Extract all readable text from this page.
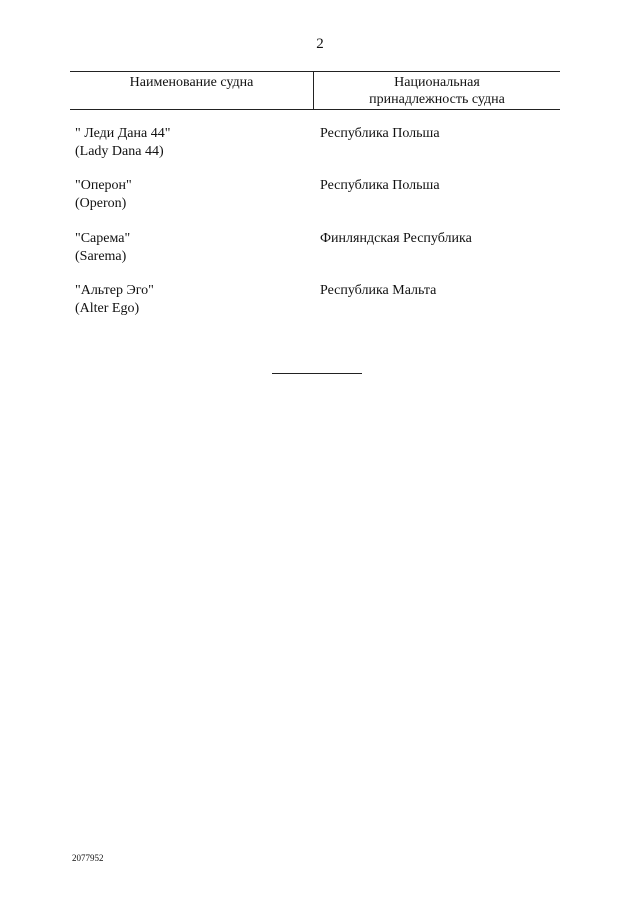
2
Наименование судна	Национальная
принадлежность судна
" Леди Дана 44"
(Lady Dana 44)
Республика Польша
"Оперон"
(Operon)
Республика Польша
"Сарема"
(Sarema)
Финляндская Республика
"Альтер Эго"
(Alter Ego)
Республика Мальта
2077952
